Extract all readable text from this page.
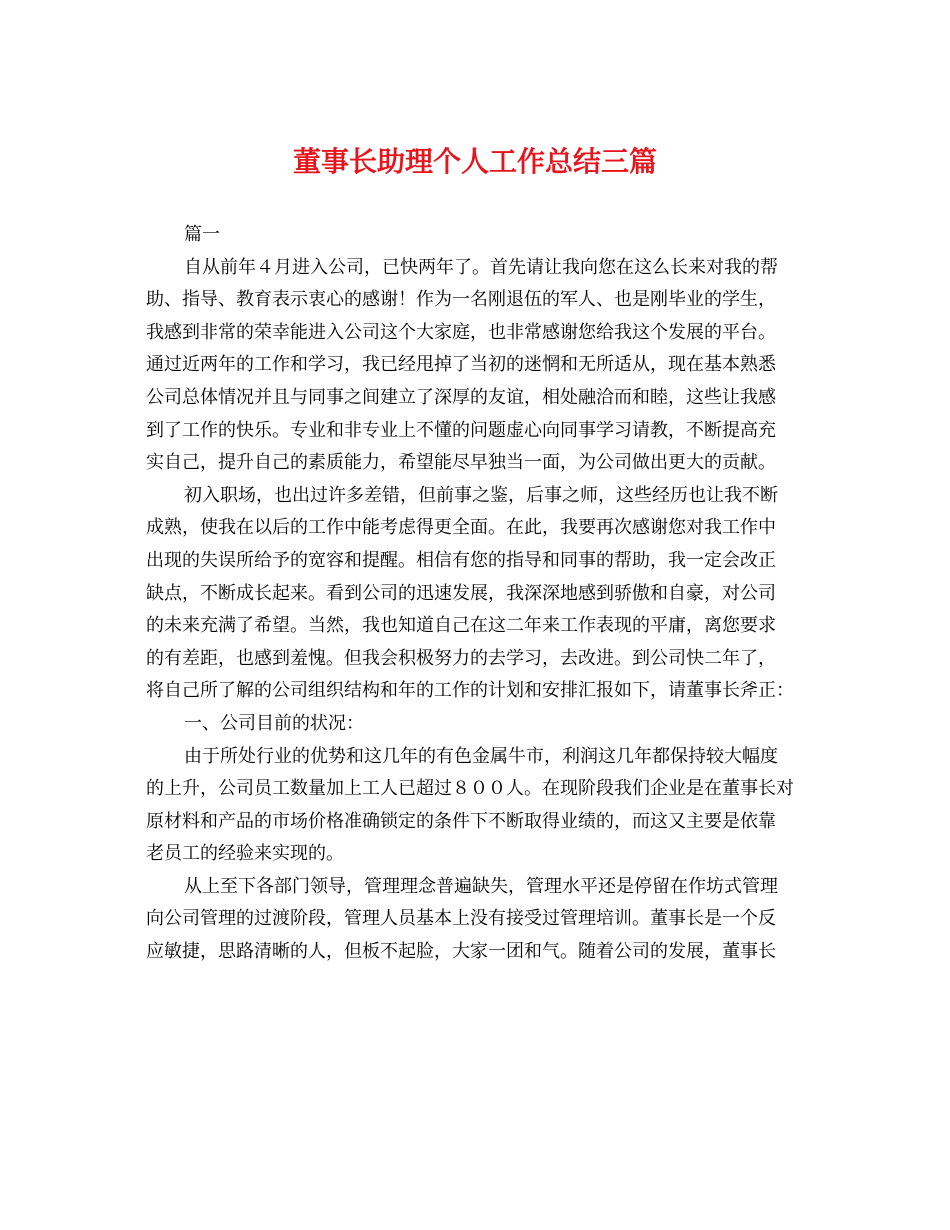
董事长助理个人工作总结三篇
篇一
自从前年４月进入公司，已快两年了。首先请让我向您在这么长来对我的帮
助、指导、教育表示衷心的感谢！作为一名刚退伍的军人、也是刚毕业的学生，
我感到非常的荣幸能进入公司这个大家庭，也非常感谢您给我这个发展的平台。
通过近两年的工作和学习，我已经甩掉了当初的迷惘和无所适从，现在基本熟悉
公司总体情况并且与同事之间建立了深厚的友谊，相处融洽而和睦，这些让我感
到了工作的快乐。专业和非专业上不懂的问题虚心向同事学习请教，不断提高充
实自己，提升自己的素质能力，希望能尽早独当一面，为公司做出更大的贡献。
初入职场，也出过许多差错，但前事之鉴，后事之师，这些经历也让我不断
成熟，使我在以后的工作中能考虑得更全面。在此，我要再次感谢您对我工作中
出现的失误所给予的宽容和提醒。相信有您的指导和同事的帮助，我一定会改正
缺点，不断成长起来。看到公司的迅速发展，我深深地感到骄傲和自豪，对公司
的未来充满了希望。当然，我也知道自己在这二年来工作表现的平庸，离您要求
的有差距，也感到羞愧。但我会积极努力的去学习，去改进。到公司快二年了，
将自己所了解的公司组织结构和年的工作的计划和安排汇报如下，请董事长斧正：
一、公司目前的状况：
由于所处行业的优势和这几年的有色金属牛市，利润这几年都保持较大幅度
的上升，公司员工数量加上工人已超过８００人。在现阶段我们企业是在董事长对
原材料和产品的市场价格准确锁定的条件下不断取得业绩的，而这又主要是依靠
老员工的经验来实现的。
从上至下各部门领导，管理理念普遍缺失，管理水平还是停留在作坊式管理
向公司管理的过渡阶段，管理人员基本上没有接受过管理培训。董事长是一个反
应敏捷，思路清晰的人，但板不起脸，大家一团和气。随着公司的发展，董事长
